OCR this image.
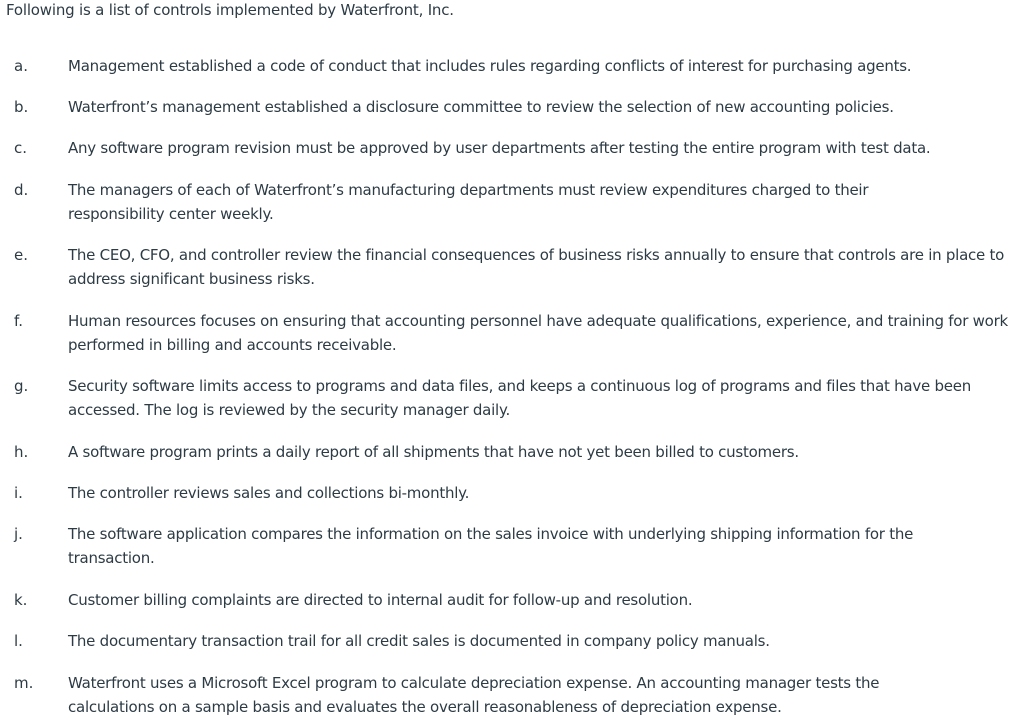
Following is a list of controls implemented by Waterfront, Inc.
a.	Management established a code of conduct that includes rules regarding conflicts of interest for purchasing agents.
b.	Waterfront’s management established a disclosure committee to review the selection of new accounting policies.
c.	Any software program revision must be approved by user departments after testing the entire program with test data.
d.	The managers of each of Waterfront’s manufacturing departments must review expenditures charged to their responsibility center weekly.
e.	The CEO, CFO, and controller review the financial consequences of business risks annually to ensure that controls are in place to address significant business risks.
f.	Human resources focuses on ensuring that accounting personnel have adequate qualifications, experience, and training for work performed in billing and accounts receivable.
g.	Security software limits access to programs and data files, and keeps a continuous log of programs and files that have been accessed. The log is reviewed by the security manager daily.
h.	A software program prints a daily report of all shipments that have not yet been billed to customers.
i.	The controller reviews sales and collections bi-monthly.
j.	The software application compares the information on the sales invoice with underlying shipping information for the transaction.
k.	Customer billing complaints are directed to internal audit for follow-up and resolution.
l.	The documentary transaction trail for all credit sales is documented in company policy manuals.
m. Waterfront uses a Microsoft Excel program to calculate depreciation expense. An accounting manager tests the calculations on a sample basis and evaluates the overall reasonableness of depreciation expense.
